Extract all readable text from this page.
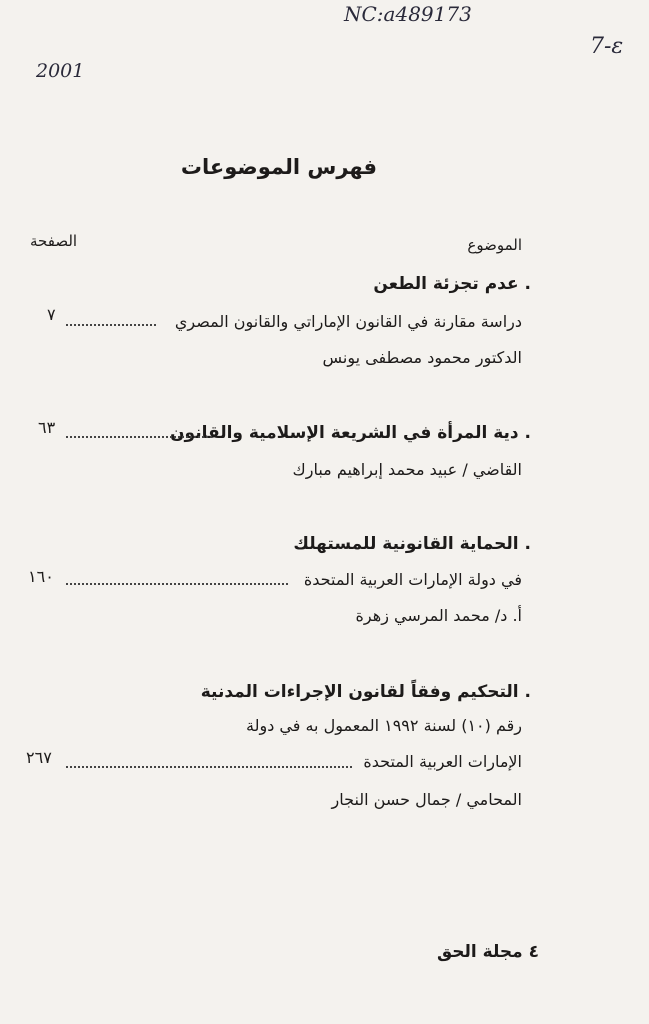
NC:a489173
2001
7-ε
فهرس الموضوعات
الموضوع
الصفحة
. عدم تجزئة الطعن
دراسة مقارنة في القانون الإماراتي والقانون المصري
٧
الدكتور محمود مصطفى يونس
. دية المرأة في الشريعة الإسلامية والقانون
٦٣
القاضي / عبيد محمد إبراهيم مبارك
. الحماية القانونية للمستهلك
في دولة الإمارات العربية المتحدة
١٦٠
أ. د/ محمد المرسي زهرة
. التحكيم وفقاً لقانون الإجراءات المدنية
رقم (١٠) لسنة ١٩٩٢ المعمول به في دولة
الإمارات العربية المتحدة
٢٦٧
المحامي / جمال حسن النجار
٤ مجلة الحق
